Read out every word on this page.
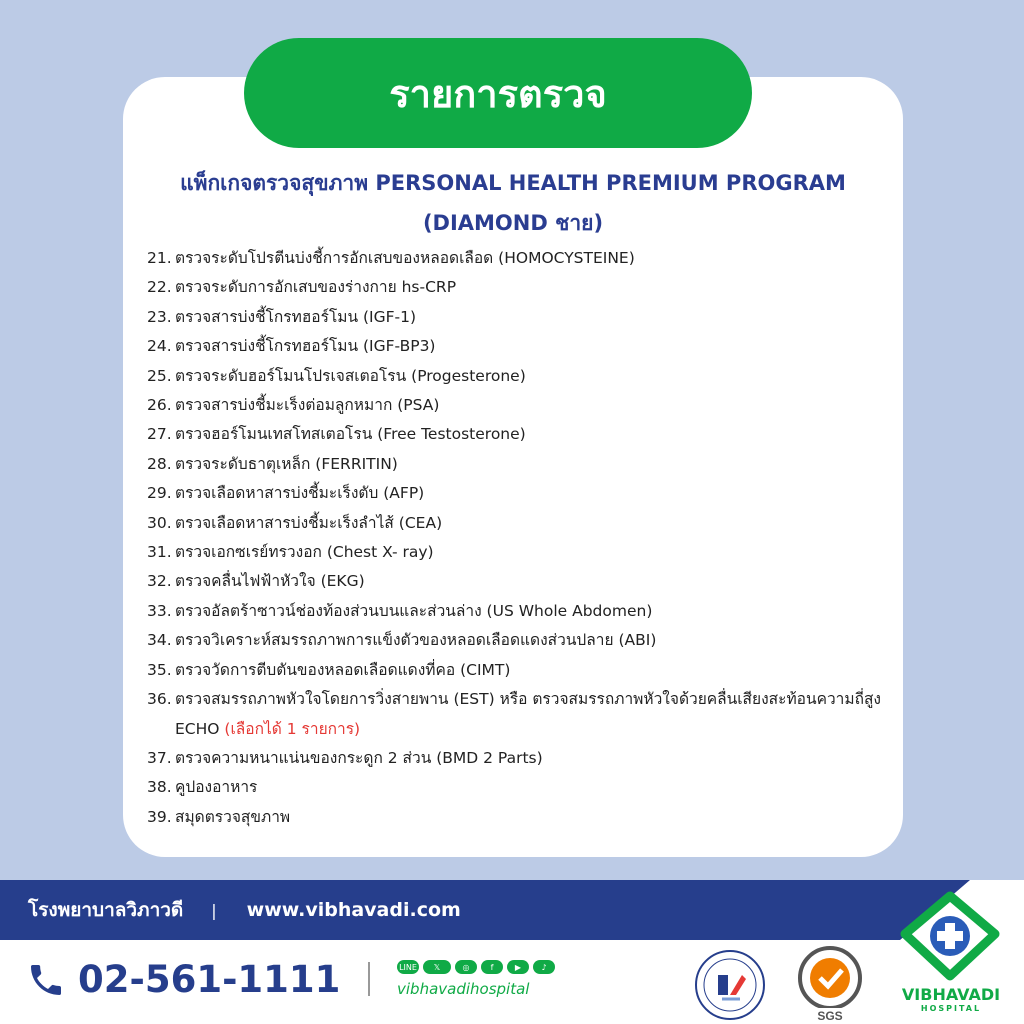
รายการตรวจ
แพ็กเกจตรวจสุขภาพ PERSONAL HEALTH PREMIUM PROGRAM
(DIAMOND ชาย)
21. ตรวจระดับโปรตีนบ่งชี้การอักเสบของหลอดเลือด (HOMOCYSTEINE)
22. ตรวจระดับการอักเสบของร่างกาย hs-CRP
23. ตรวจสารบ่งชี้โกรทฮอร์โมน (IGF-1)
24. ตรวจสารบ่งชี้โกรทฮอร์โมน (IGF-BP3)
25. ตรวจระดับฮอร์โมนโปรเจสเตอโรน (Progesterone)
26. ตรวจสารบ่งชี้มะเร็งต่อมลูกหมาก (PSA)
27. ตรวจฮอร์โมนเทสโทสเตอโรน (Free Testosterone)
28. ตรวจระดับธาตุเหล็ก (FERRITIN)
29. ตรวจเลือดหาสารบ่งชี้มะเร็งตับ (AFP)
30. ตรวจเลือดหาสารบ่งชี้มะเร็งลำไส้ (CEA)
31. ตรวจเอกซเรย์ทรวงอก (Chest X- ray)
32. ตรวจคลื่นไฟฟ้าหัวใจ (EKG)
33. ตรวจอัลตร้าซาวน์ช่องท้องส่วนบนและส่วนล่าง (US Whole Abdomen)
34. ตรวจวิเคราะห์สมรรถภาพการแข็งตัวของหลอดเลือดแดงส่วนปลาย (ABI)
35. ตรวจวัดการตีบตันของหลอดเลือดแดงที่คอ (CIMT)
36. ตรวจสมรรถภาพหัวใจโดยการวิ่งสายพาน (EST) หรือ ตรวจสมรรถภาพหัวใจด้วยคลื่นเสียงสะท้อนความถี่สูง ECHO (เลือกได้ 1 รายการ)
37. ตรวจความหนาแน่นของกระดูก 2 ส่วน (BMD 2 Parts)
38. คูปองอาหาร
39. สมุดตรวจสุขภาพ
โรงพยาบาลวิภาวดี | www.vibhavadi.com
02-561-1111	LINE	𝕏	◎	f	▶	♪
vibhavadihospital
SGS
VIBHAVADI
HOSPITAL
